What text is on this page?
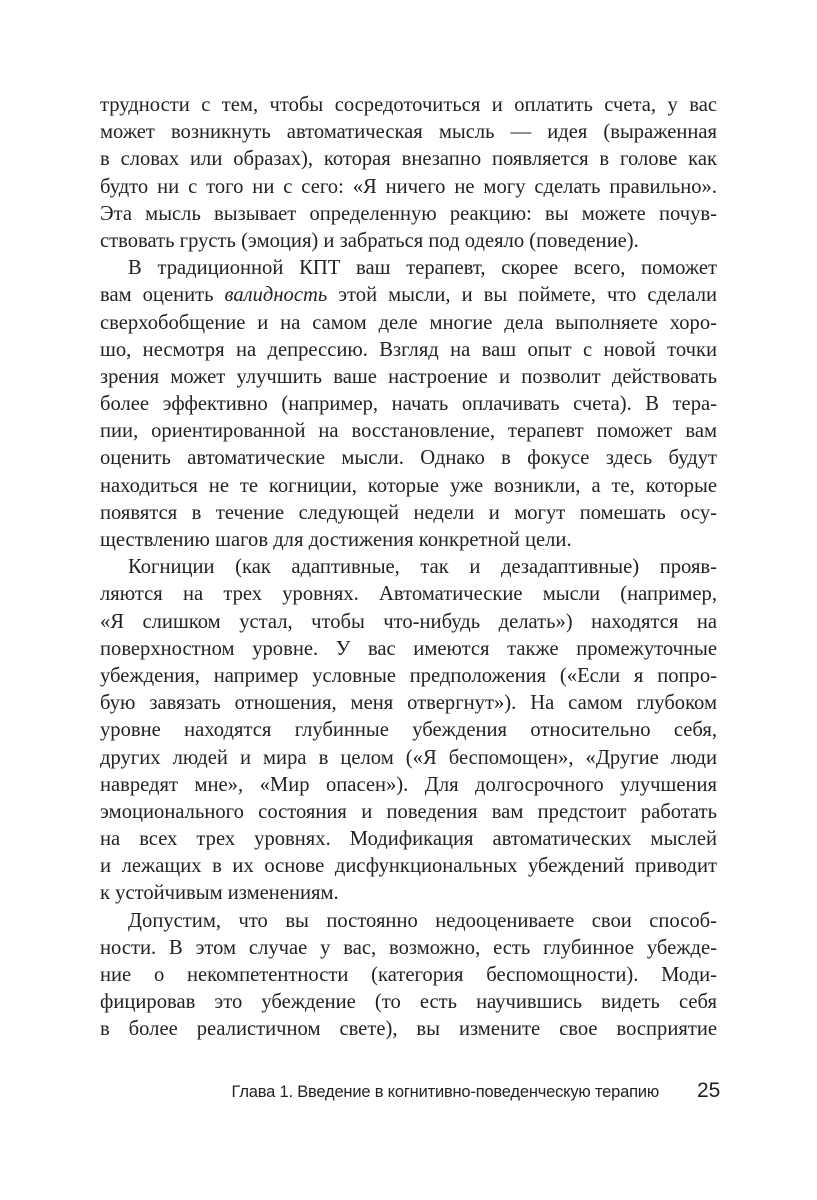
трудности с тем, чтобы сосредоточиться и оплатить счета, у вас
может возникнуть автоматическая мысль — идея (выраженная
в словах или образах), которая внезапно появляется в голове как
будто ни с того ни с сего: «Я ничего не могу сделать правильно».
Эта мысль вызывает определенную реакцию: вы можете почув-
ствовать грусть (эмоция) и забраться под одеяло (поведение).
В традиционной КПТ ваш терапевт, скорее всего, поможет
вам оценить валидность этой мысли, и вы поймете, что сделали
сверхобобщение и на самом деле многие дела выполняете хоро-
шо, несмотря на депрессию. Взгляд на ваш опыт с новой точки
зрения может улучшить ваше настроение и позволит действовать
более эффективно (например, начать оплачивать счета). В тера-
пии, ориентированной на восстановление, терапевт поможет вам
оценить автоматические мысли. Однако в фокусе здесь будут
находиться не те когниции, которые уже возникли, а те, которые
появятся в течение следующей недели и могут помешать осу-
ществлению шагов для достижения конкретной цели.
Когниции (как адаптивные, так и дезадаптивные) прояв-
ляются на трех уровнях. Автоматические мысли (например,
«Я слишком устал, чтобы что-нибудь делать») находятся на
поверхностном уровне. У вас имеются также промежуточные
убеждения, например условные предположения («Если я попро-
бую завязать отношения, меня отвергнут»). На самом глубоком
уровне находятся глубинные убеждения относительно себя,
других людей и мира в целом («Я беспомощен», «Другие люди
навредят мне», «Мир опасен»). Для долгосрочного улучшения
эмоционального состояния и поведения вам предстоит работать
на всех трех уровнях. Модификация автоматических мыслей
и лежащих в их основе дисфункциональных убеждений приводит
к устойчивым изменениям.
Допустим, что вы постоянно недооцениваете свои способ-
ности. В этом случае у вас, возможно, есть глубинное убежде-
ние о некомпетентности (категория беспомощности). Моди-
фицировав это убеждение (то есть научившись видеть себя
в более реалистичном свете), вы измените свое восприятие
Глава 1. Введение в когнитивно-поведенческую терапию 25
